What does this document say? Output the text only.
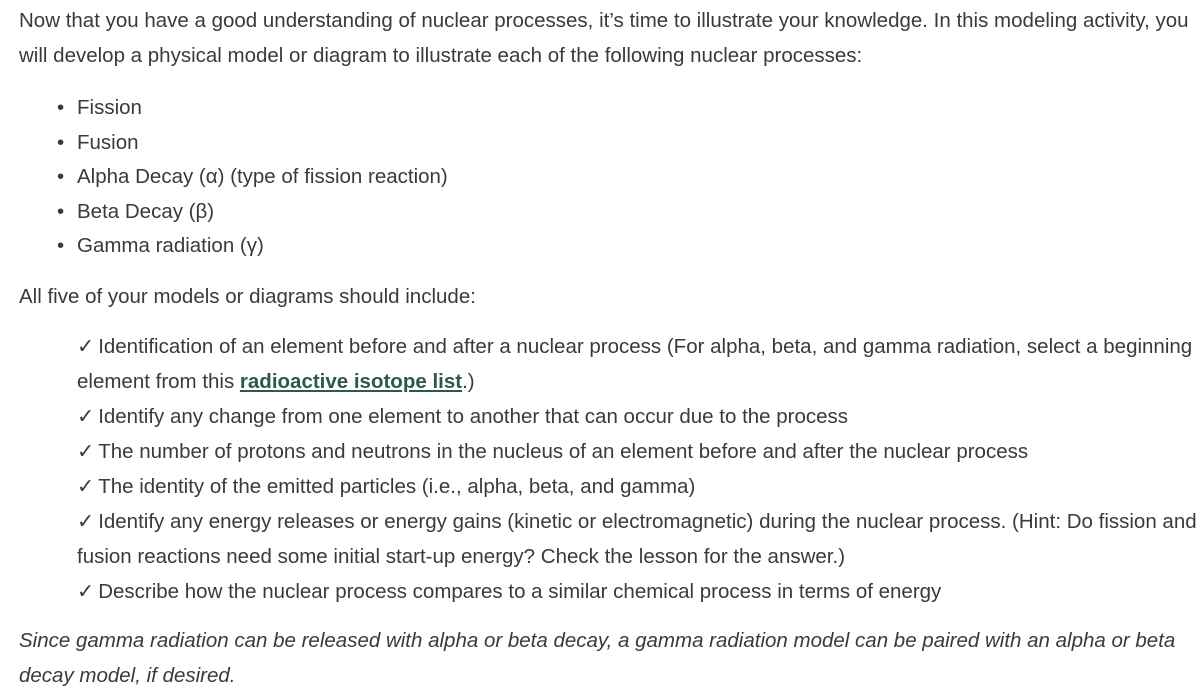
Now that you have a good understanding of nuclear processes, it’s time to illustrate your knowledge. In this modeling activity, you will develop a physical model or diagram to illustrate each of the following nuclear processes:

• Fission
• Fusion
• Alpha Decay (α) (type of fission reaction)
• Beta Decay (β)
• Gamma radiation (γ)

All five of your models or diagrams should include:

✓ Identification of an element before and after a nuclear process (For alpha, beta, and gamma radiation, select a beginning element from this radioactive isotope list.)
✓ Identify any change from one element to another that can occur due to the process
✓ The number of protons and neutrons in the nucleus of an element before and after the nuclear process
✓ The identity of the emitted particles (i.e., alpha, beta, and gamma)
✓ Identify any energy releases or energy gains (kinetic or electromagnetic) during the nuclear process. (Hint: Do fission and fusion reactions need some initial start-up energy? Check the lesson for the answer.)
✓ Describe how the nuclear process compares to a similar chemical process in terms of energy

Since gamma radiation can be released with alpha or beta decay, a gamma radiation model can be paired with an alpha or beta decay model, if desired.
